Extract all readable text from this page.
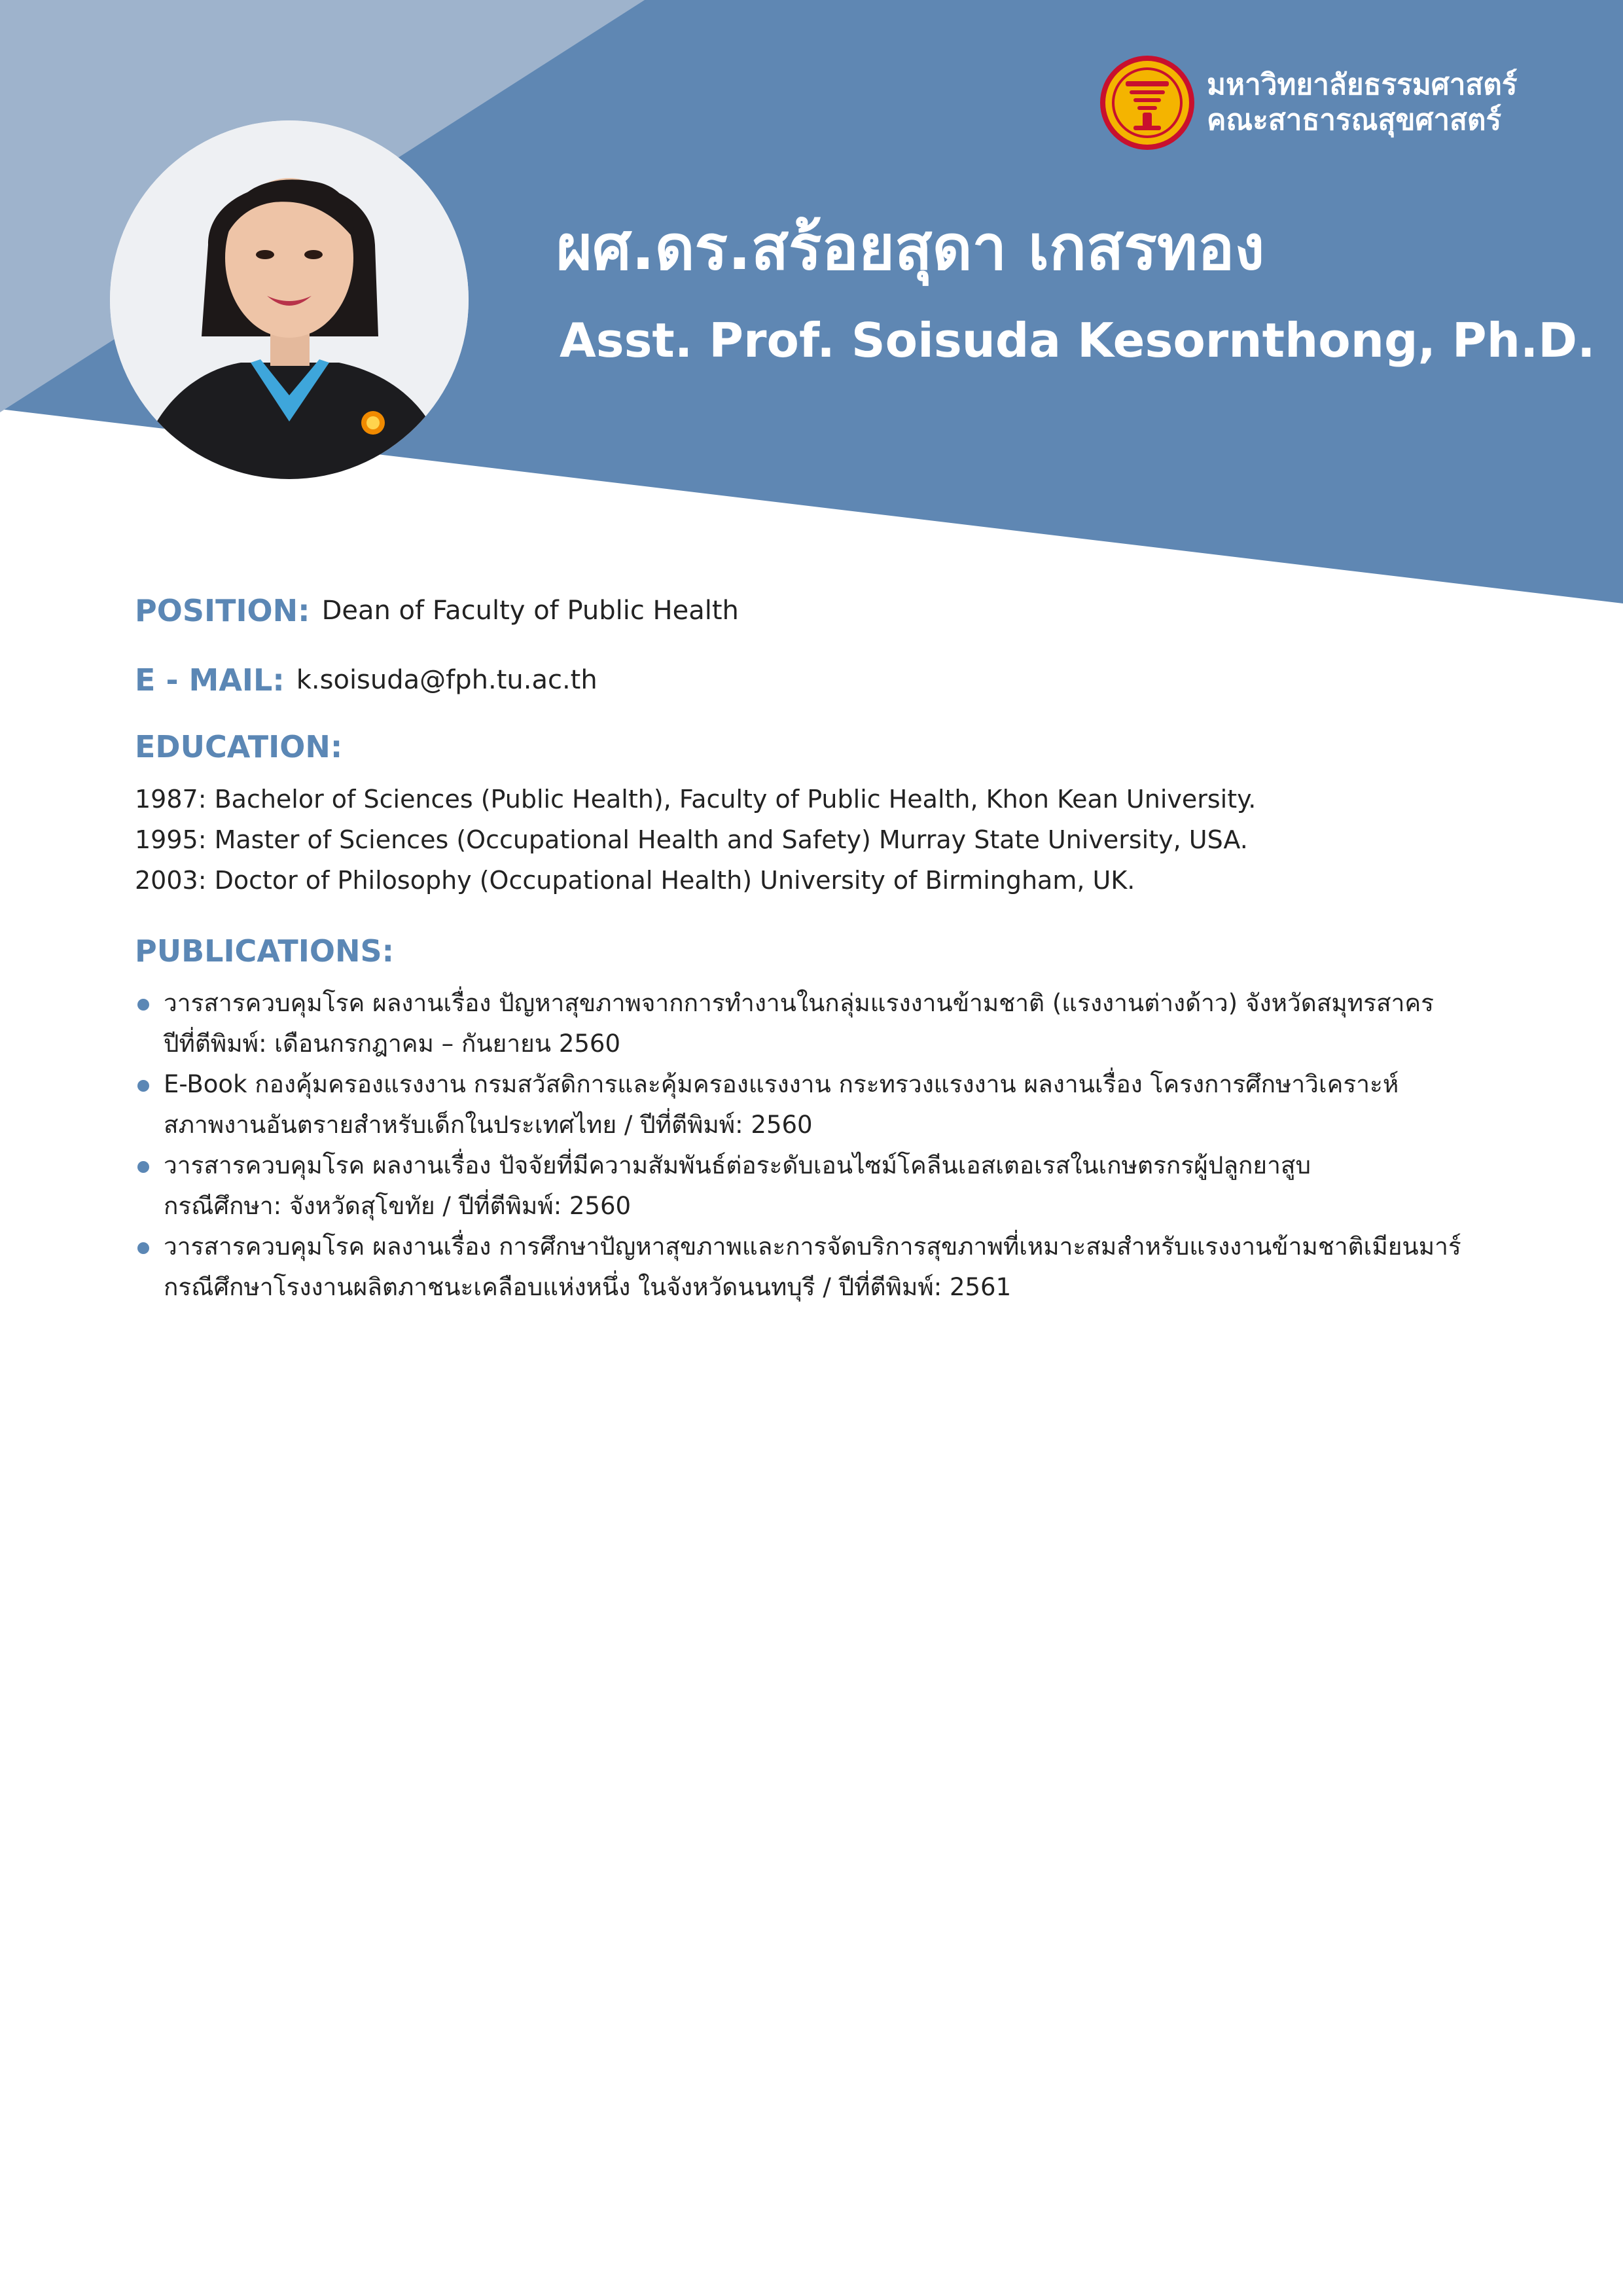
มหาวิทยาลัยธรรมศาสตร์
คณะสาธารณสุขศาสตร์
ผศ.ดร.สร้อยสุดา เกสรทอง
Asst. Prof. Soisuda Kesornthong, Ph.D.
POSITION: Dean of Faculty of Public Health
E - MAIL: k.soisuda@fph.tu.ac.th
EDUCATION:
1987: Bachelor of Sciences (Public Health), Faculty of Public Health, Khon Kean University.
1995: Master of Sciences (Occupational Health and Safety) Murray State University, USA.
2003: Doctor of Philosophy (Occupational Health) University of Birmingham, UK.
PUBLICATIONS:
วารสารควบคุมโรค ผลงานเรื่อง ปัญหาสุขภาพจากการทำงานในกลุ่มแรงงานข้ามชาติ (แรงงานต่างด้าว) จังหวัดสมุทรสาคร
ปีที่ตีพิมพ์: เดือนกรกฎาคม – กันยายน 2560
E-Book กองคุ้มครองแรงงาน กรมสวัสดิการและคุ้มครองแรงงาน กระทรวงแรงงาน ผลงานเรื่อง โครงการศึกษาวิเคราะห์
สภาพงานอันตรายสำหรับเด็กในประเทศไทย / ปีที่ตีพิมพ์: 2560
วารสารควบคุมโรค ผลงานเรื่อง ปัจจัยที่มีความสัมพันธ์ต่อระดับเอนไซม์โคลีนเอสเตอเรสในเกษตรกรผู้ปลูกยาสูบ
กรณีศึกษา: จังหวัดสุโขทัย / ปีที่ตีพิมพ์: 2560
วารสารควบคุมโรค ผลงานเรื่อง การศึกษาปัญหาสุขภาพและการจัดบริการสุขภาพที่เหมาะสมสำหรับแรงงานข้ามชาติเมียนมาร์
กรณีศึกษาโรงงานผลิตภาชนะเคลือบแห่งหนึ่ง ในจังหวัดนนทบุรี / ปีที่ตีพิมพ์: 2561
